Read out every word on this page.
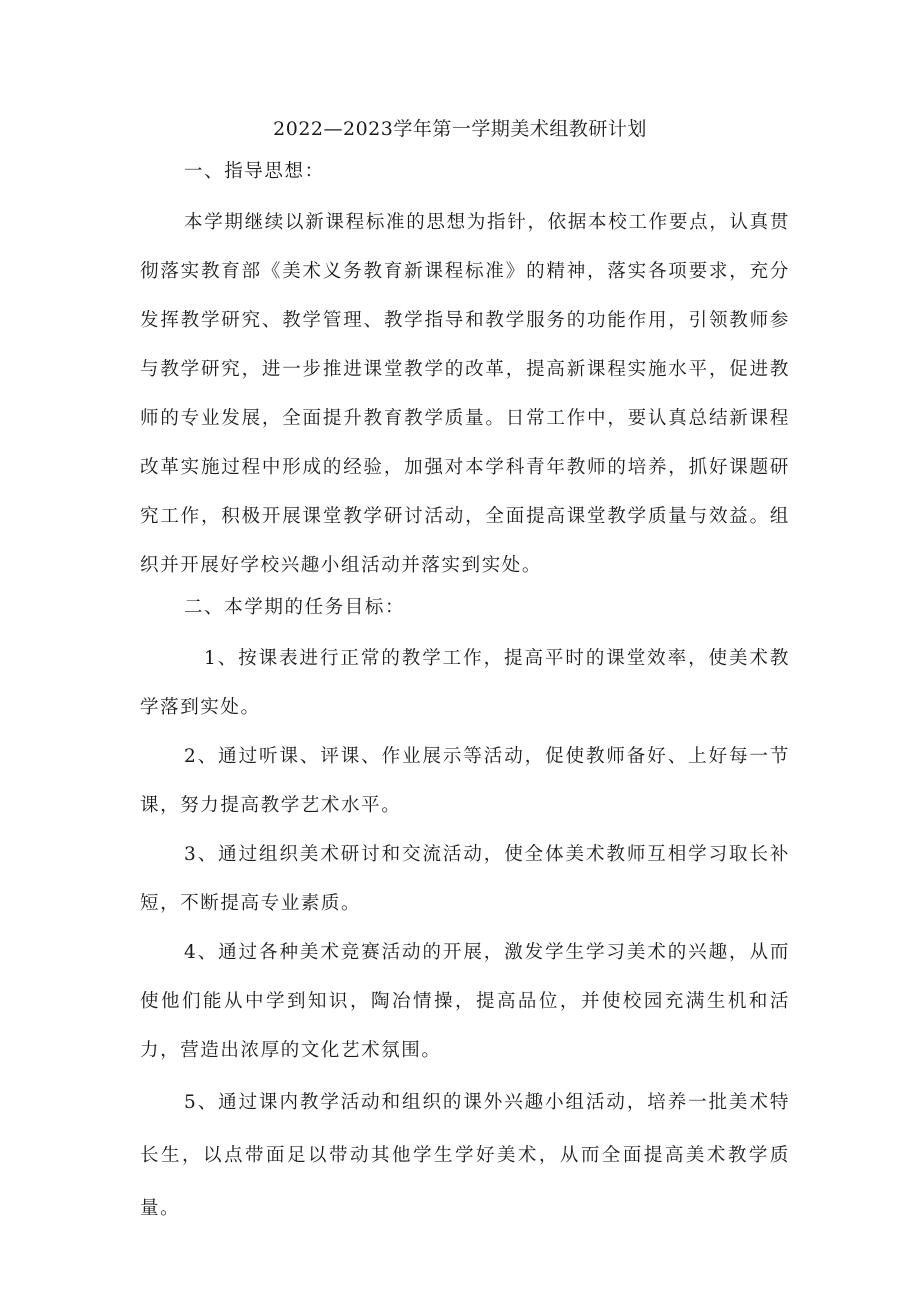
2022—2023学年第一学期美术组教研计划
一、指导思想：

本学期继续以新课程标准的思想为指针，依据本校工作要点，认真贯彻落实教育部《美术义务教育新课程标准》的精神，落实各项要求，充分发挥教学研究、教学管理、教学指导和教学服务的功能作用，引领教师参与教学研究，进一步推进课堂教学的改革，提高新课程实施水平，促进教师的专业发展，全面提升教育教学质量。日常工作中，要认真总结新课程改革实施过程中形成的经验，加强对本学科青年教师的培养，抓好课题研究工作，积极开展课堂教学研讨活动，全面提高课堂教学质量与效益。组织并开展好学校兴趣小组活动并落实到实处。

二、本学期的任务目标：

1、按课表进行正常的教学工作，提高平时的课堂效率，使美术教学落到实处。

2、通过听课、评课、作业展示等活动，促使教师备好、上好每一节课，努力提高教学艺术水平。

3、通过组织美术研讨和交流活动，使全体美术教师互相学习取长补短，不断提高专业素质。

4、通过各种美术竞赛活动的开展，激发学生学习美术的兴趣，从而使他们能从中学到知识，陶冶情操，提高品位，并使校园充满生机和活力，营造出浓厚的文化艺术氛围。

5、通过课内教学活动和组织的课外兴趣小组活动，培养一批美术特长生，以点带面足以带动其他学生学好美术，从而全面提高美术教学质量。
